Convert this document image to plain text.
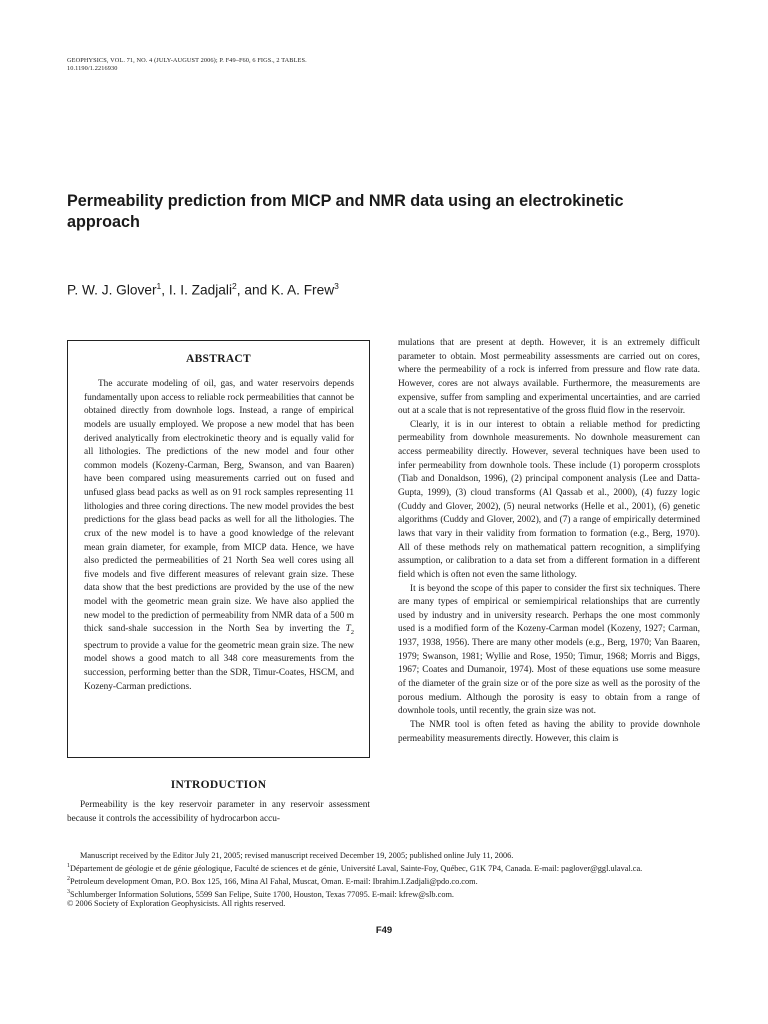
GEOPHYSICS, VOL. 71, NO. 4 (JULY-AUGUST 2006); P. F49–F60, 6 FIGS., 2 TABLES.
10.1190/1.2216930
Permeability prediction from MICP and NMR data using an electrokinetic approach
P. W. J. Glover$^1$, I. I. Zadjali$^2$, and K. A. Frew$^3$
ABSTRACT
The accurate modeling of oil, gas, and water reservoirs depends fundamentally upon access to reliable rock permeabilities that cannot be obtained directly from downhole logs. Instead, a range of empirical models are usually employed. We propose a new model that has been derived analytically from electrokinetic theory and is equally valid for all lithologies. The predictions of the new model and four other common models (Kozeny-Carman, Berg, Swanson, and van Baaren) have been compared using measurements carried out on fused and unfused glass bead packs as well as on 91 rock samples representing 11 lithologies and three coring directions. The new model provides the best predictions for the glass bead packs as well for all the lithologies. The crux of the new model is to have a good knowledge of the relevant mean grain diameter, for example, from MICP data. Hence, we have also predicted the permeabilities of 21 North Sea well cores using all five models and five different measures of relevant grain size. These data show that the best predictions are provided by the use of the new model with the geometric mean grain size. We have also applied the new model to the prediction of permeability from NMR data of a 500 m thick sand-shale succession in the North Sea by inverting the $T_2$ spectrum to provide a value for the geometric mean grain size. The new model shows a good match to all 348 core measurements from the succession, performing better than the SDR, Timur-Coates, HSCM, and Kozeny-Carman predictions.
INTRODUCTION
Permeability is the key reservoir parameter in any reservoir assessment because it controls the accessibility of hydrocarbon accu-

mulations that are present at depth. However, it is an extremely difficult parameter to obtain. Most permeability assessments are carried out on cores, where the permeability of a rock is inferred from pressure and flow rate data. However, cores are not always available. Furthermore, the measurements are expensive, suffer from sampling and experimental uncertainties, and are carried out at a scale that is not representative of the gross fluid flow in the reservoir.

Clearly, it is in our interest to obtain a reliable method for predicting permeability from downhole measurements. No downhole measurement can access permeability directly. However, several techniques have been used to infer permeability from downhole tools. These include (1) poroperm crossplots (Tiab and Donaldson, 1996), (2) principal component analysis (Lee and Datta-Gupta, 1999), (3) cloud transforms (Al Qassab et al., 2000), (4) fuzzy logic (Cuddy and Glover, 2002), (5) neural networks (Helle et al., 2001), (6) genetic algorithms (Cuddy and Glover, 2002), and (7) a range of empirically determined laws that vary in their validity from formation to formation (e.g., Berg, 1970). All of these methods rely on mathematical pattern recognition, a simplifying assumption, or calibration to a data set from a different formation in a different field which is often not even the same lithology.

It is beyond the scope of this paper to consider the first six techniques. There are many types of empirical or semiempirical relationships that are currently used by industry and in university research. Perhaps the one most commonly used is a modified form of the Kozeny-Carman model (Kozeny, 1927; Carman, 1937, 1938, 1956). There are many other models (e.g., Berg, 1970; Van Baaren, 1979; Swanson, 1981; Wyllie and Rose, 1950; Timur, 1968; Morris and Biggs, 1967; Coates and Dumanoir, 1974). Most of these equations use some measure of the diameter of the grain size or of the pore size as well as the porosity of the porous medium. Although the porosity is easy to obtain from a range of downhole tools, until recently, the grain size was not.

The NMR tool is often feted as having the ability to provide downhole permeability measurements directly. However, this claim is

Manuscript received by the Editor July 21, 2005; revised manuscript received December 19, 2005; published online July 11, 2006.

$^1$Département de géologie et de génie géologique, Faculté de sciences et de génie, Université Laval, Sainte-Foy, Québec, G1K 7P4, Canada. E-mail: paglover@ggl.ulaval.ca.

$^2$Petroleum development Oman, P.O. Box 125, 166, Mina Al Fahal, Muscat, Oman. E-mail: Ibrahim.I.Zadjali@pdo.co.com.

$^3$Schlumberger Information Solutions, 5599 San Felipe, Suite 1700, Houston, Texas 77095. E-mail: kfrew@slb.com.

© 2006 Society of Exploration Geophysicists. All rights reserved.

F49
